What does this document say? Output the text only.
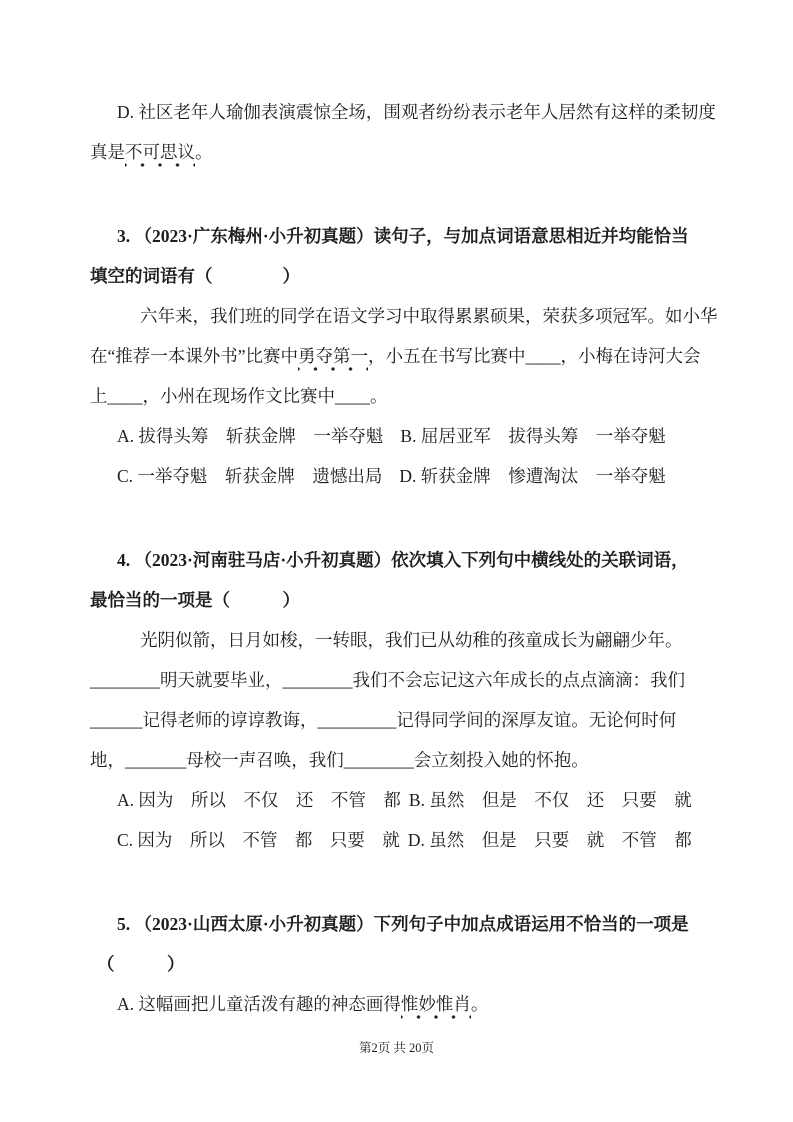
D. 社区老年人瑜伽表演震惊全场，围观者纷纷表示老年人居然有这样的柔韧度
真是不可思议。
3. （2023·广东梅州·小升初真题）读句子，与加点词语意思相近并均能恰当
填空的词语有（　　　　）
六年来，我们班的同学在语文学习中取得累累硕果，荣获多项冠军。如小华
在“推荐一本课外书”比赛中勇夺第一，小五在书写比赛中____，小梅在诗河大会
上____，小州在现场作文比赛中____。
A. 拔得头筹　斩获金牌　一举夺魁 B. 屈居亚军　拔得头筹　一举夺魁
C. 一举夺魁　斩获金牌　遗憾出局 D. 斩获金牌　惨遭淘汰　一举夺魁
4. （2023·河南驻马店·小升初真题）依次填入下列句中横线处的关联词语，
最恰当的一项是（　　　）
光阴似箭，日月如梭，一转眼，我们已从幼稚的孩童成长为翩翩少年。
________明天就要毕业，________我们不会忘记这六年成长的点点滴滴：我们
______记得老师的谆谆教诲，_________记得同学间的深厚友谊。无论何时何
地，_______母校一声召唤，我们________会立刻投入她的怀抱。
A. 因为　所以　不仅　还　不管　都 B. 虽然　但是　不仅　还　只要　就
C. 因为　所以　不管　都　只要　就 D. 虽然　但是　只要　就　不管　都
5. （2023·山西太原·小升初真题）下列句子中加点成语运用不恰当的一项是
（　　　）
A. 这幅画把儿童活泼有趣的神态画得惟妙惟肖。
第2页 共 20页
